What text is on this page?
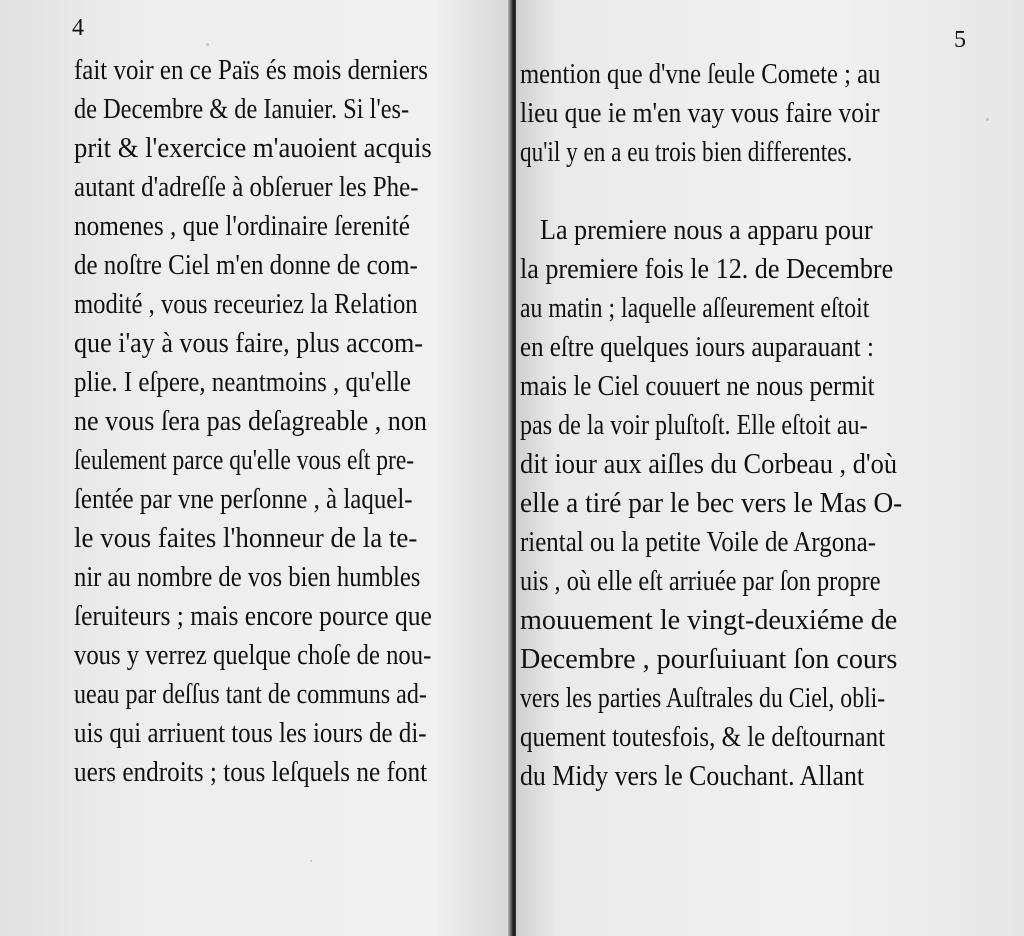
4
fait voir en ce Païs és mois derniers
de Decembre & de Ianuier. Si l'es-
prit & l'exercice m'auoient acquis
autant d'adreſſe à obſeruer les Phe-
nomenes , que l'ordinaire ſerenité
de noſtre Ciel m'en donne de com-
modité , vous receuriez la Relation
que i'ay à vous faire, plus accom-
plie. I eſpere, neantmoins , qu'elle
ne vous ſera pas deſagreable , non
ſeulement parce qu'elle vous eſt pre-
ſentée par vne perſonne , à laquel-
le vous faites l'honneur de la te-
nir au nombre de vos bien humbles
ſeruiteurs ; mais encore pource que
vous y verrez quelque choſe de nou-
ueau par deſſus tant de communs ad-
uis qui arriuent tous les iours de di-
uers endroits ; tous leſquels ne font
5
mention que d'vne ſeule Comete ; au
lieu que ie m'en vay vous faire voir
qu'il y en a eu trois bien differentes.
La premiere nous a apparu pour
la premiere fois le 12. de Decembre
au matin ; laquelle aſſeurement eſtoit
en eſtre quelques iours auparauant :
mais le Ciel couuert ne nous permit
pas de la voir pluſtoſt. Elle eſtoit au-
dit iour aux aiſles du Corbeau , d'où
elle a tiré par le bec vers le Mas O-
riental ou la petite Voile de Argona-
uis , où elle eſt arriuée par ſon propre
mouuement le vingt-deuxiéme de
Decembre , pourſuiuant ſon cours
vers les parties Auſtrales du Ciel, obli-
quement toutesfois, & le deſtournant
du Midy vers le Couchant. Allant
